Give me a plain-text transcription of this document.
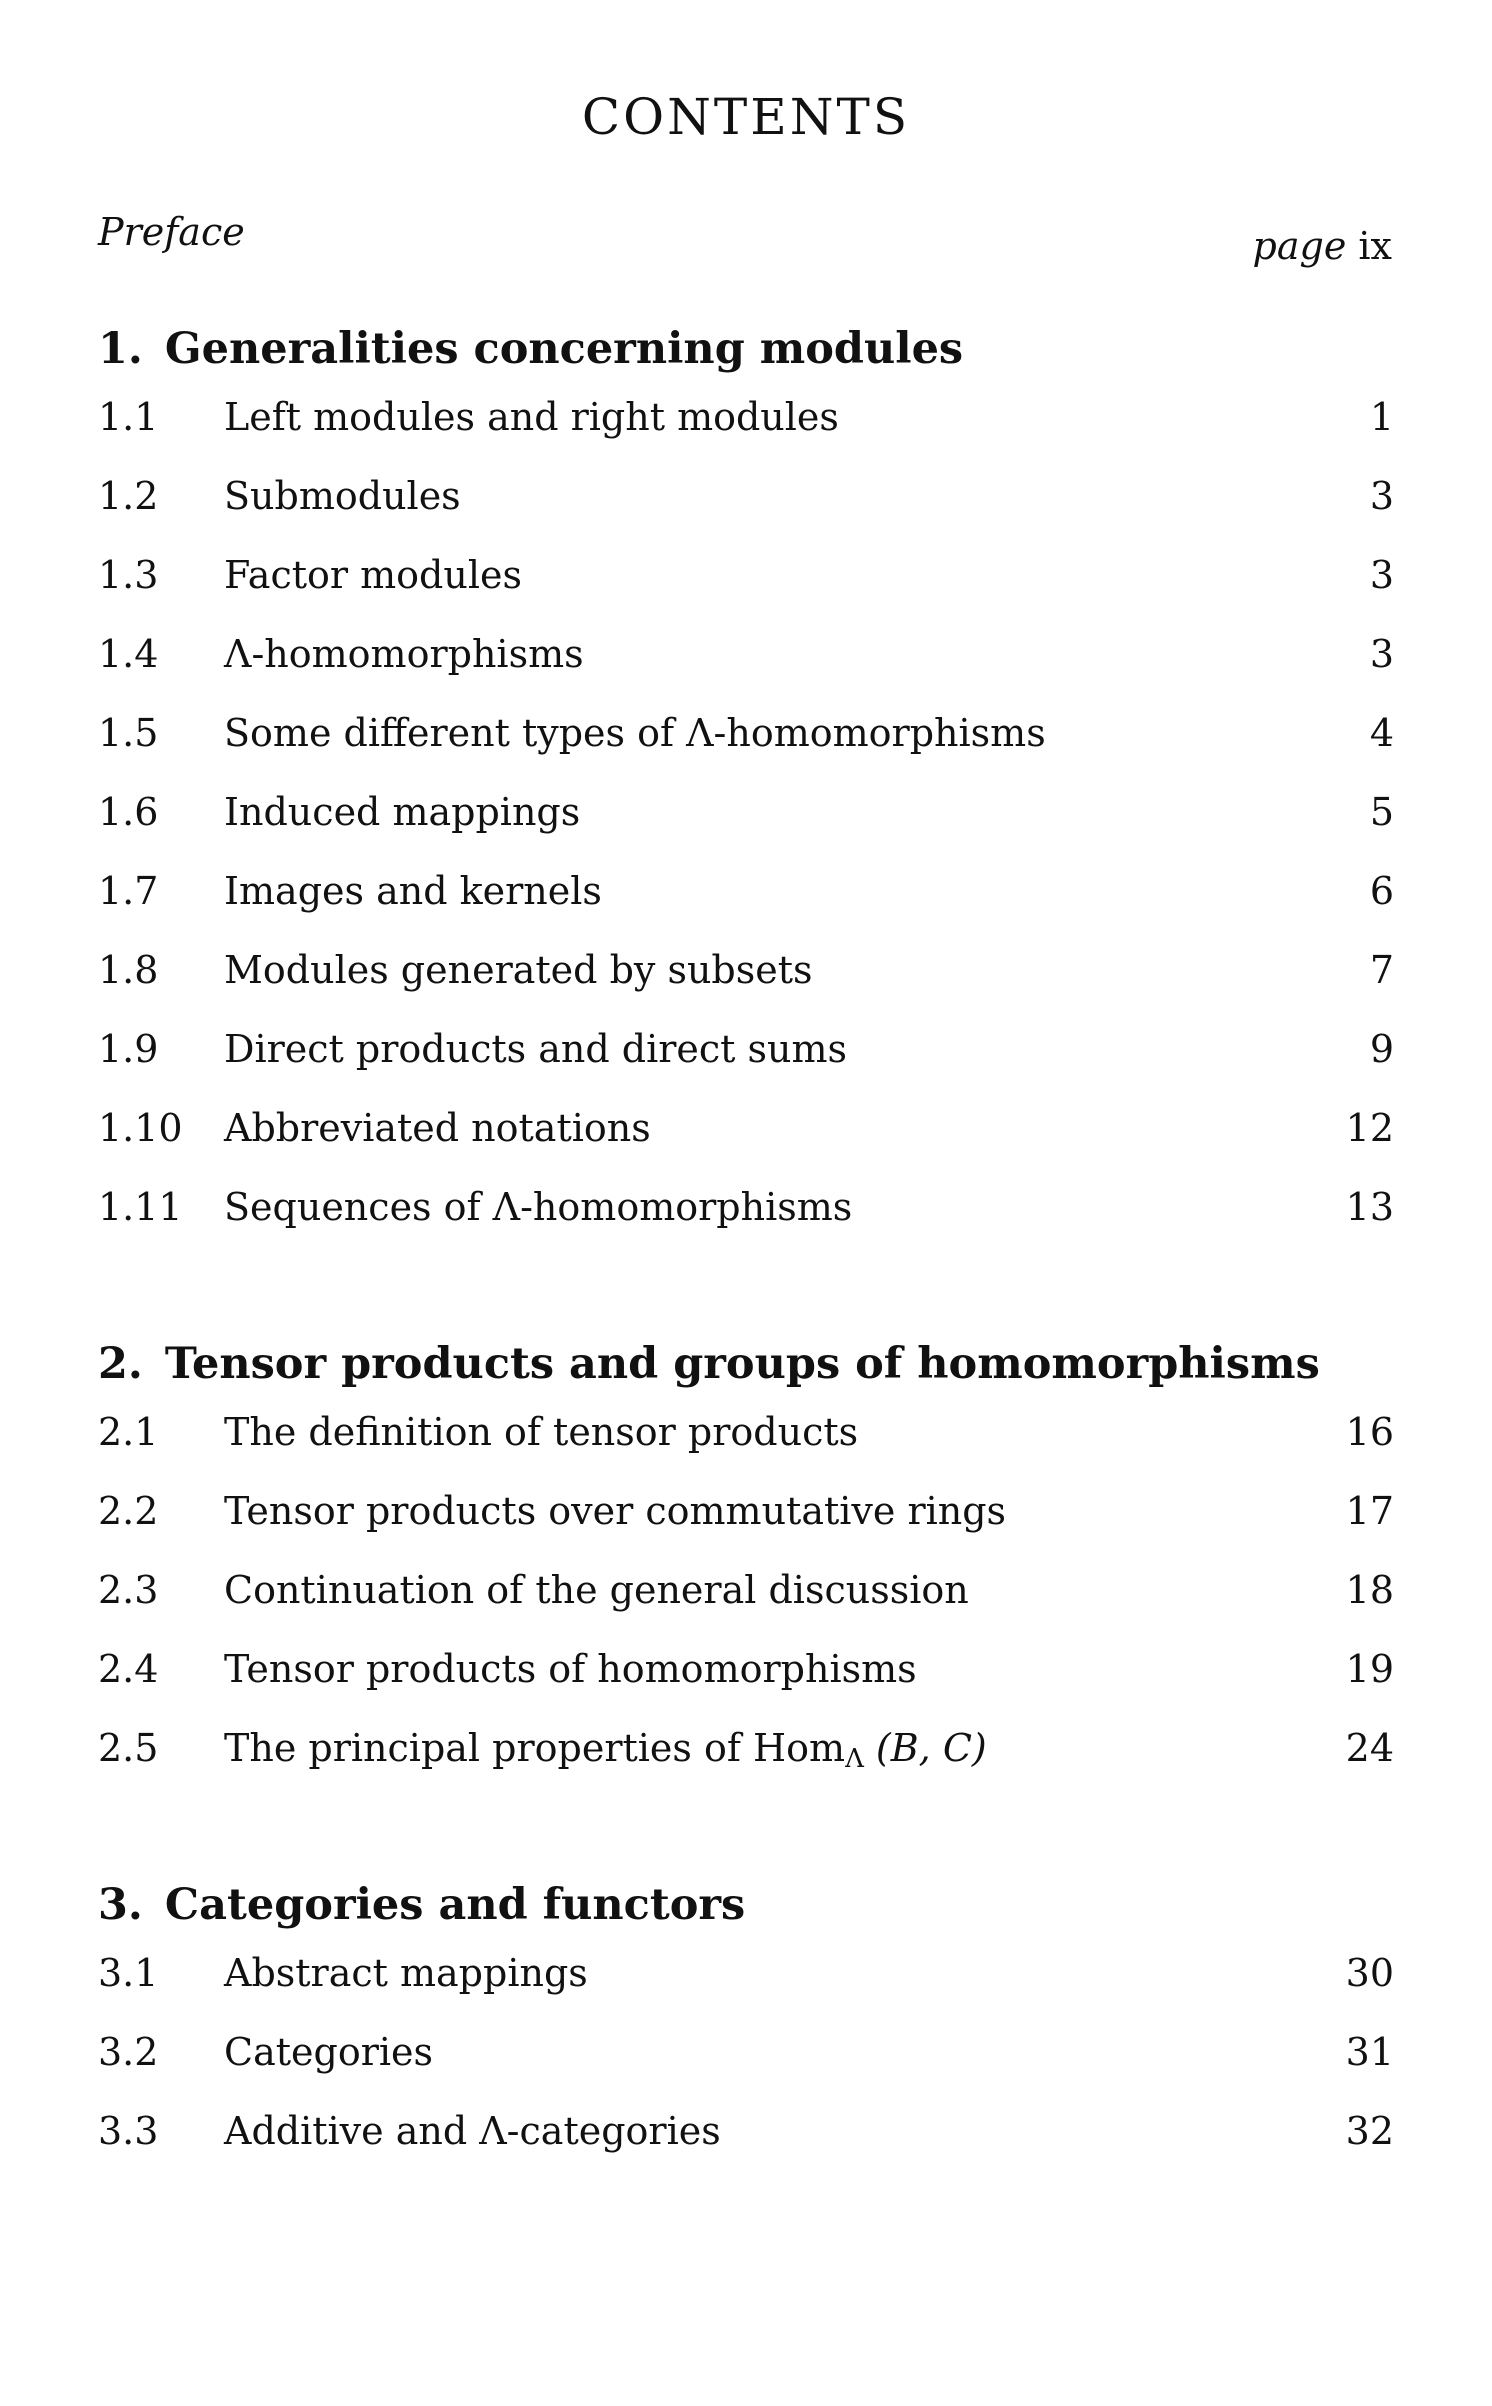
CONTENTS
Preface	page ix
1. Generalities concerning modules
1.1	Left modules and right modules	1
1.2	Submodules	3
1.3	Factor modules	3
1.4	Λ-homomorphisms	3
1.5	Some different types of Λ-homomorphisms	4
1.6	Induced mappings	5
1.7	Images and kernels	6
1.8	Modules generated by subsets	7
1.9	Direct products and direct sums	9
1.10	Abbreviated notations	12
1.11	Sequences of Λ-homomorphisms	13
2. Tensor products and groups of homomorphisms
2.1	The definition of tensor products	16
2.2	Tensor products over commutative rings	17
2.3	Continuation of the general discussion	18
2.4	Tensor products of homomorphisms	19
2.5	The principal properties of HomΛ (B, C)	24
3. Categories and functors
3.1	Abstract mappings	30
3.2	Categories	31
3.3	Additive and Λ-categories	32
